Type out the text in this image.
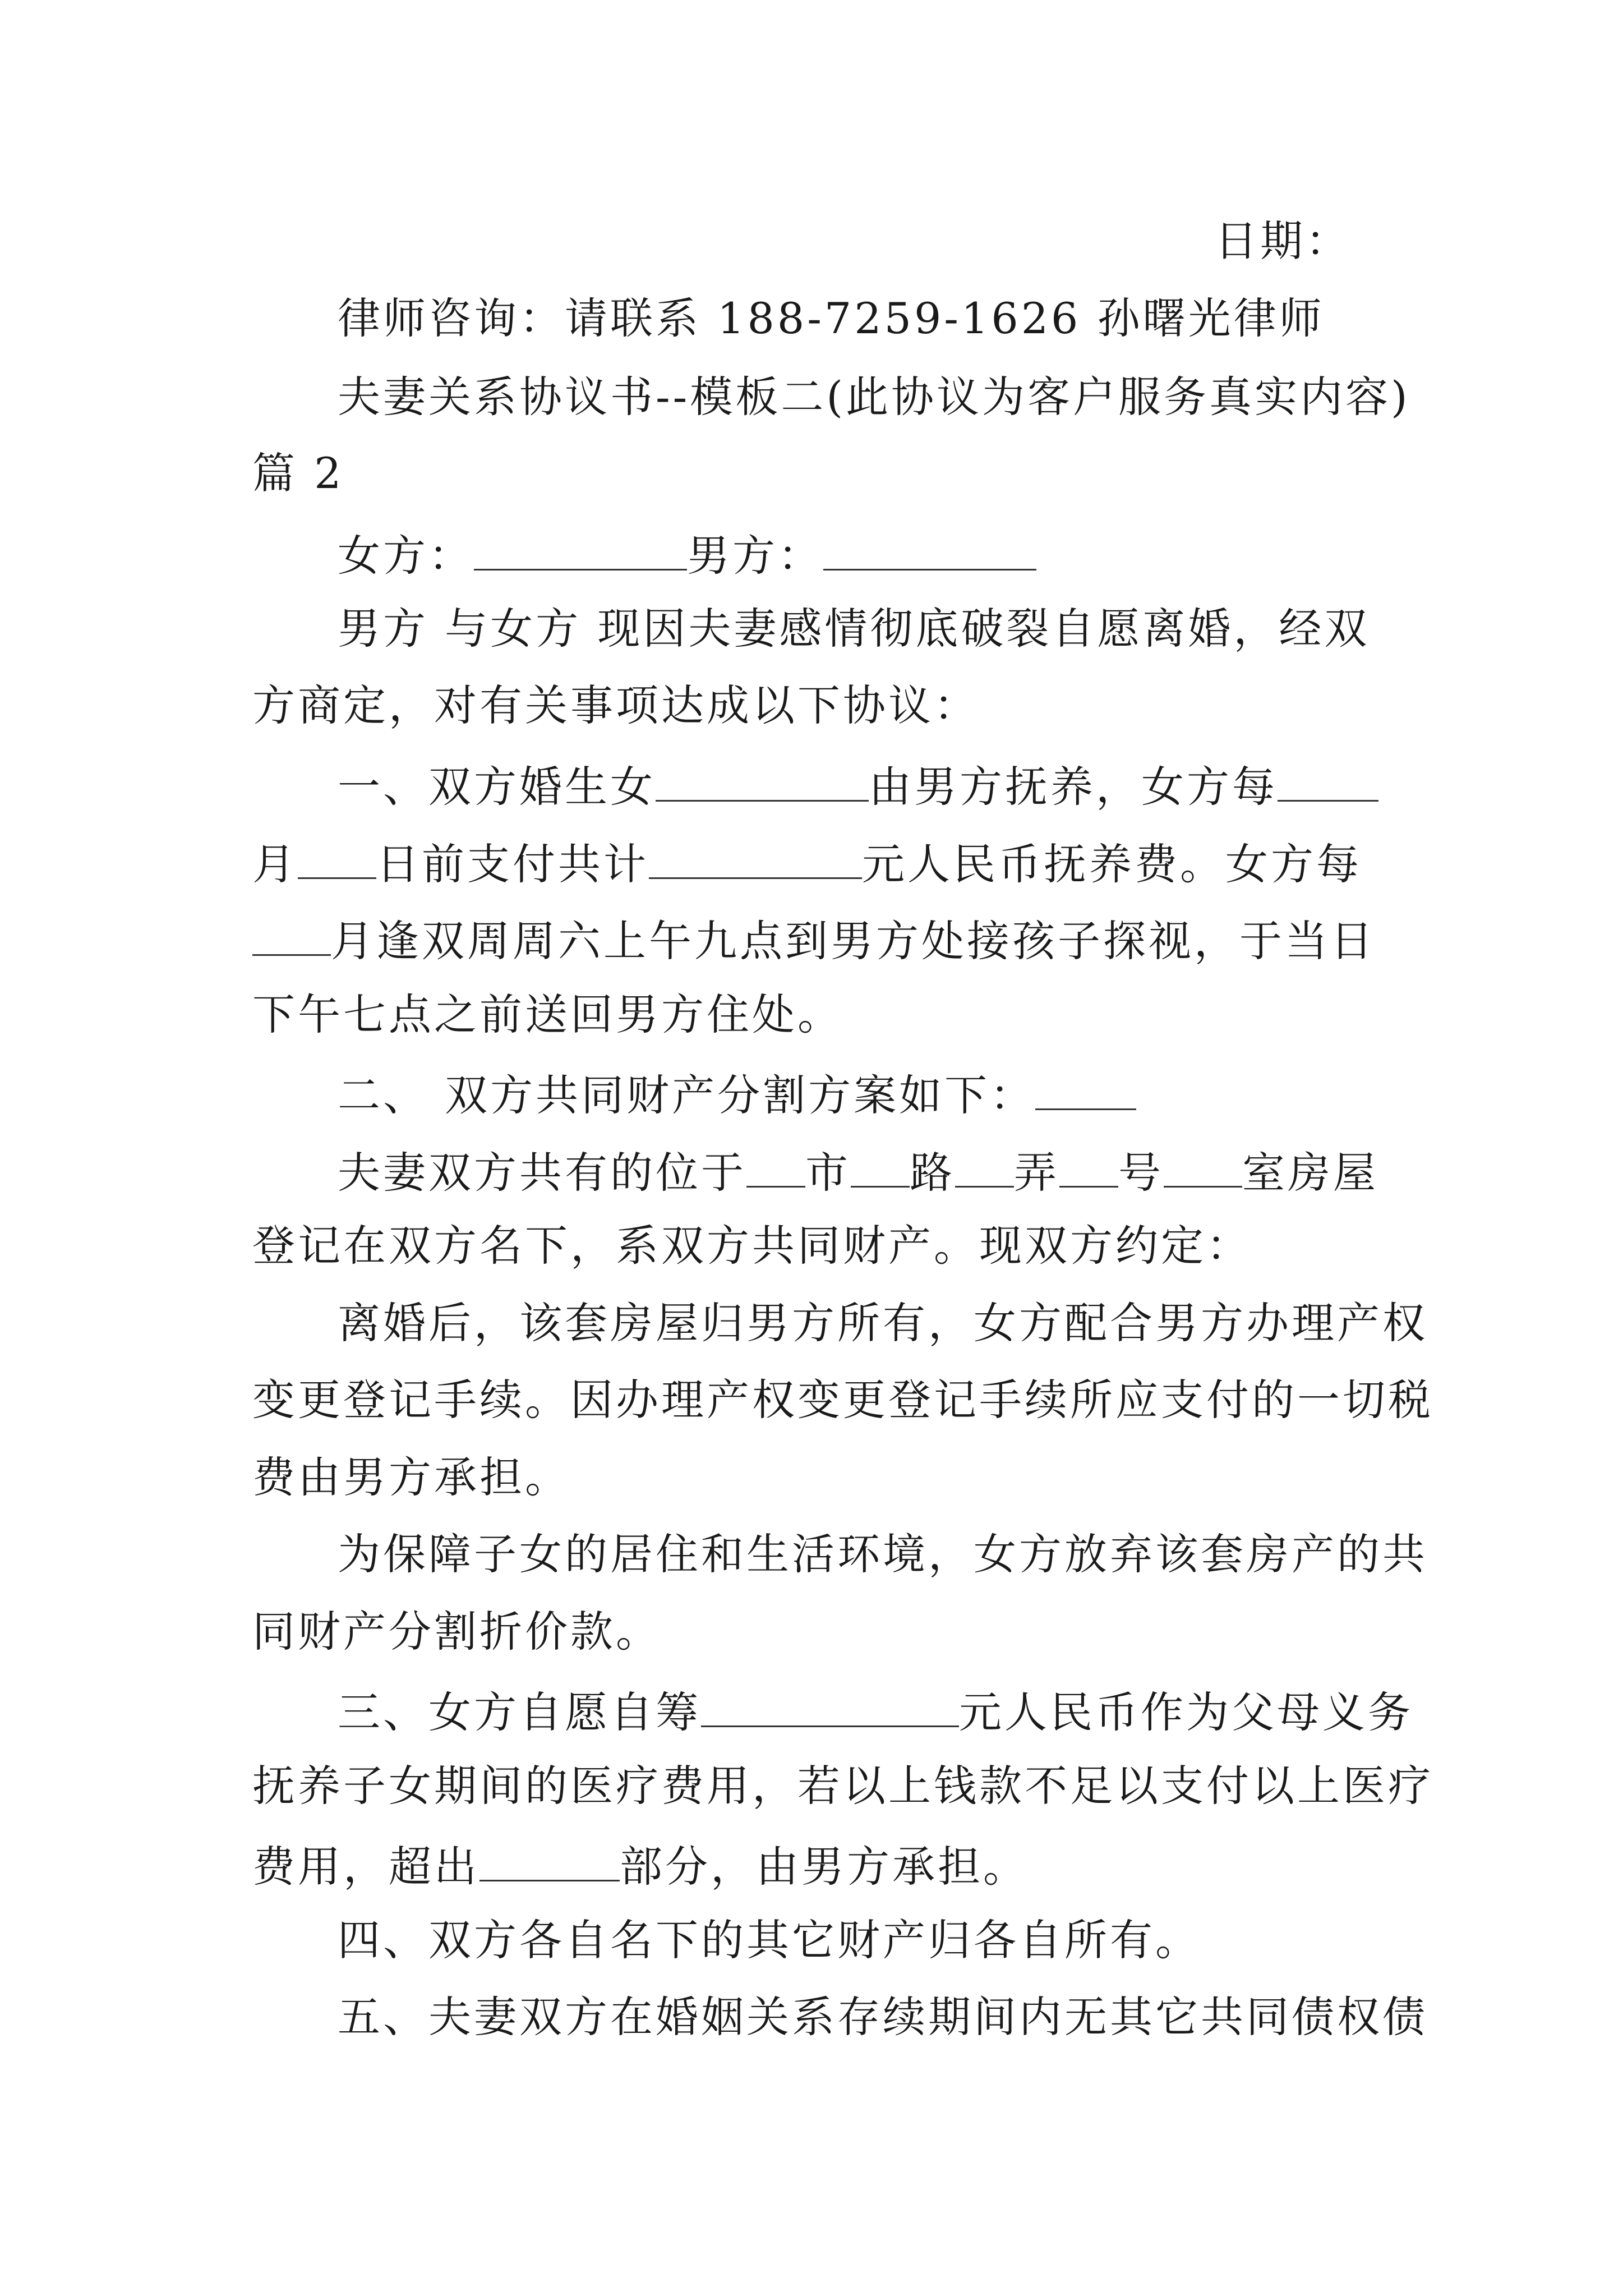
日期：
律师咨询：请联系 188-7259-1626 孙曙光律师
夫妻关系协议书--模板二(此协议为客户服务真实内容)
篇 2
女方：	男方：
男方 与女方 现因夫妻感情彻底破裂自愿离婚，经双
方商定，对有关事项达成以下协议：
一、双方婚生女	由男方抚养，女方每
月 日前支付共计	元人民币抚养费。女方每
月逢双周周六上午九点到男方处接孩子探视，于当日
下午七点之前送回男方住处。
二、 双方共同财产分割方案如下：
夫妻双方共有的位于 市 路 弄 号 室房屋
登记在双方名下，系双方共同财产。现双方约定：
离婚后，该套房屋归男方所有，女方配合男方办理产权
变更登记手续。因办理产权变更登记手续所应支付的一切税
费由男方承担。
为保障子女的居住和生活环境，女方放弃该套房产的共
同财产分割折价款。
三、女方自愿自筹	元人民币作为父母义务
抚养子女期间的医疗费用，若以上钱款不足以支付以上医疗
费用，超出	部分，由男方承担。
四、双方各自名下的其它财产归各自所有。
五、夫妻双方在婚姻关系存续期间内无其它共同债权债
